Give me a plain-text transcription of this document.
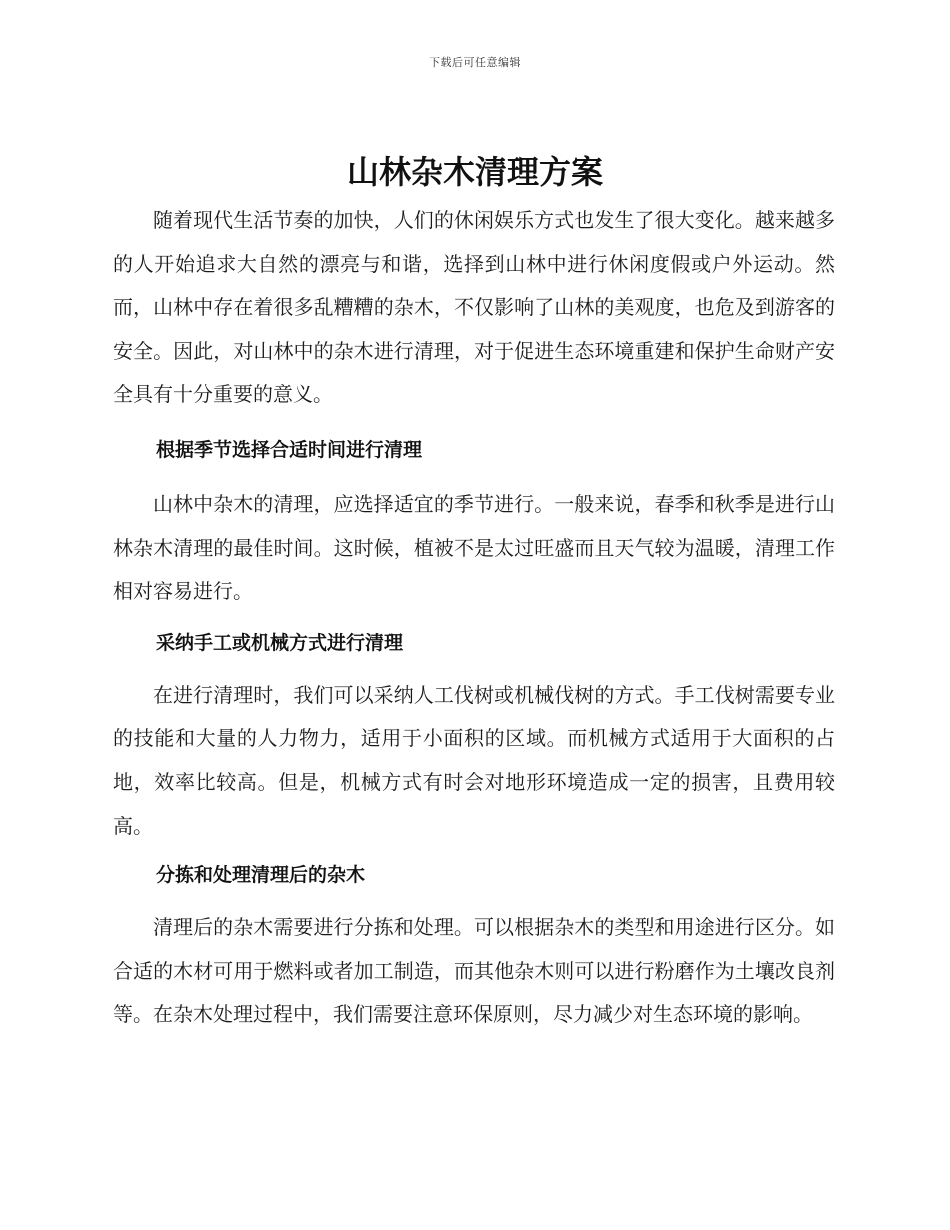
下载后可任意编辑
山林杂木清理方案

随着现代生活节奏的加快，人们的休闲娱乐方式也发生了很大变化。越来越多的人开始追求大自然的漂亮与和谐，选择到山林中进行休闲度假或户外运动。然而，山林中存在着很多乱糟糟的杂木，不仅影响了山林的美观度，也危及到游客的安全。因此，对山林中的杂木进行清理，对于促进生态环境重建和保护生命财产安全具有十分重要的意义。

根据季节选择合适时间进行清理

山林中杂木的清理，应选择适宜的季节进行。一般来说，春季和秋季是进行山林杂木清理的最佳时间。这时候，植被不是太过旺盛而且天气较为温暖，清理工作相对容易进行。

采纳手工或机械方式进行清理

在进行清理时，我们可以采纳人工伐树或机械伐树的方式。手工伐树需要专业的技能和大量的人力物力，适用于小面积的区域。而机械方式适用于大面积的占地，效率比较高。但是，机械方式有时会对地形环境造成一定的损害，且费用较高。

分拣和处理清理后的杂木

清理后的杂木需要进行分拣和处理。可以根据杂木的类型和用途进行区分。如合适的木材可用于燃料或者加工制造，而其他杂木则可以进行粉磨作为土壤改良剂等。在杂木处理过程中，我们需要注意环保原则，尽力减少对生态环境的影响。
